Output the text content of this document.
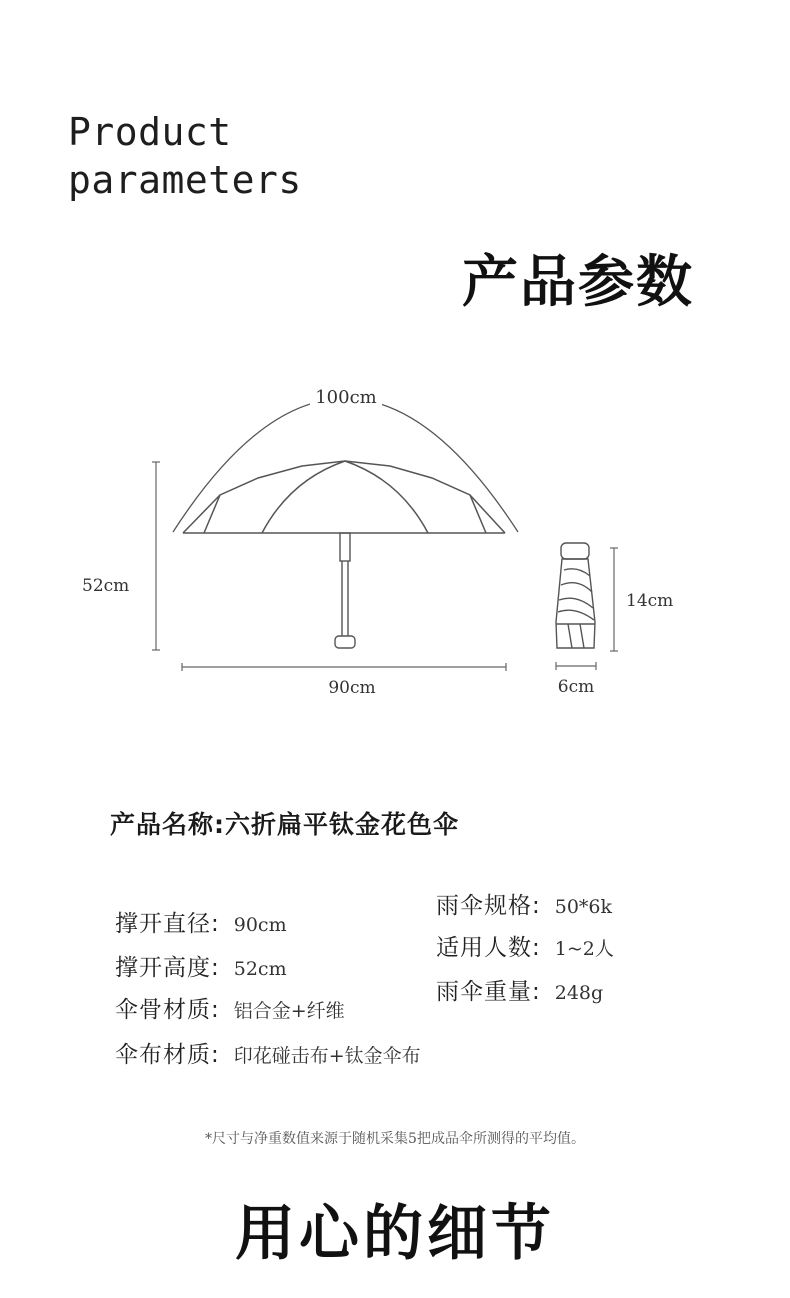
Product
parameters
产品参数
100cm
52cm
90cm
14cm
6cm
产品名称:六折扁平钛金花色伞
撑开直径: 90cm
撑开高度: 52cm
伞骨材质: 铝合金+纤维
伞布材质: 印花碰击布+钛金伞布
雨伞规格: 50*6k
适用人数: 1~2人
雨伞重量: 248g
*尺寸与净重数值来源于随机采集5把成品伞所测得的平均值。
用心的细节
